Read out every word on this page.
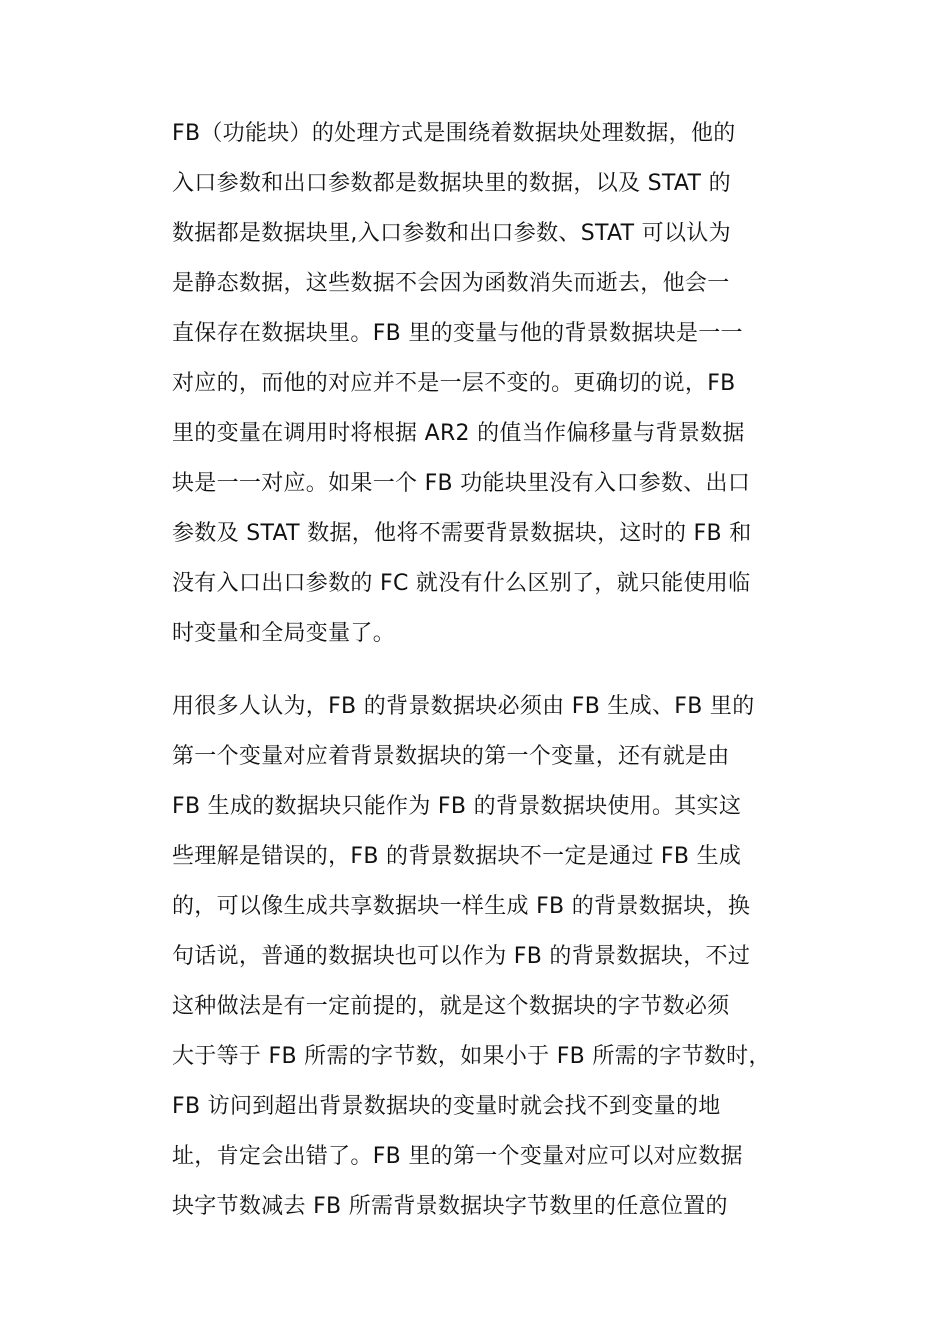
FB（功能块）的处理方式是围绕着数据块处理数据，他的
入口参数和出口参数都是数据块里的数据，以及 STAT 的
数据都是数据块里,入口参数和出口参数、STAT 可以认为
是静态数据，这些数据不会因为函数消失而逝去，他会一
直保存在数据块里。FB 里的变量与他的背景数据块是一一
对应的，而他的对应并不是一层不变的。更确切的说，FB
里的变量在调用时将根据 AR2 的值当作偏移量与背景数据
块是一一对应。如果一个 FB 功能块里没有入口参数、出口
参数及 STAT 数据，他将不需要背景数据块，这时的 FB 和
没有入口出口参数的 FC 就没有什么区别了，就只能使用临
时变量和全局变量了。
用很多人认为，FB 的背景数据块必须由 FB 生成、FB 里的
第一个变量对应着背景数据块的第一个变量，还有就是由
FB 生成的数据块只能作为 FB 的背景数据块使用。其实这
些理解是错误的，FB 的背景数据块不一定是通过 FB 生成
的，可以像生成共享数据块一样生成 FB 的背景数据块，换
句话说，普通的数据块也可以作为 FB 的背景数据块，不过
这种做法是有一定前提的，就是这个数据块的字节数必须
大于等于 FB 所需的字节数，如果小于 FB 所需的字节数时，
FB 访问到超出背景数据块的变量时就会找不到变量的地
址，肯定会出错了。FB 里的第一个变量对应可以对应数据
块字节数减去 FB 所需背景数据块字节数里的任意位置的
